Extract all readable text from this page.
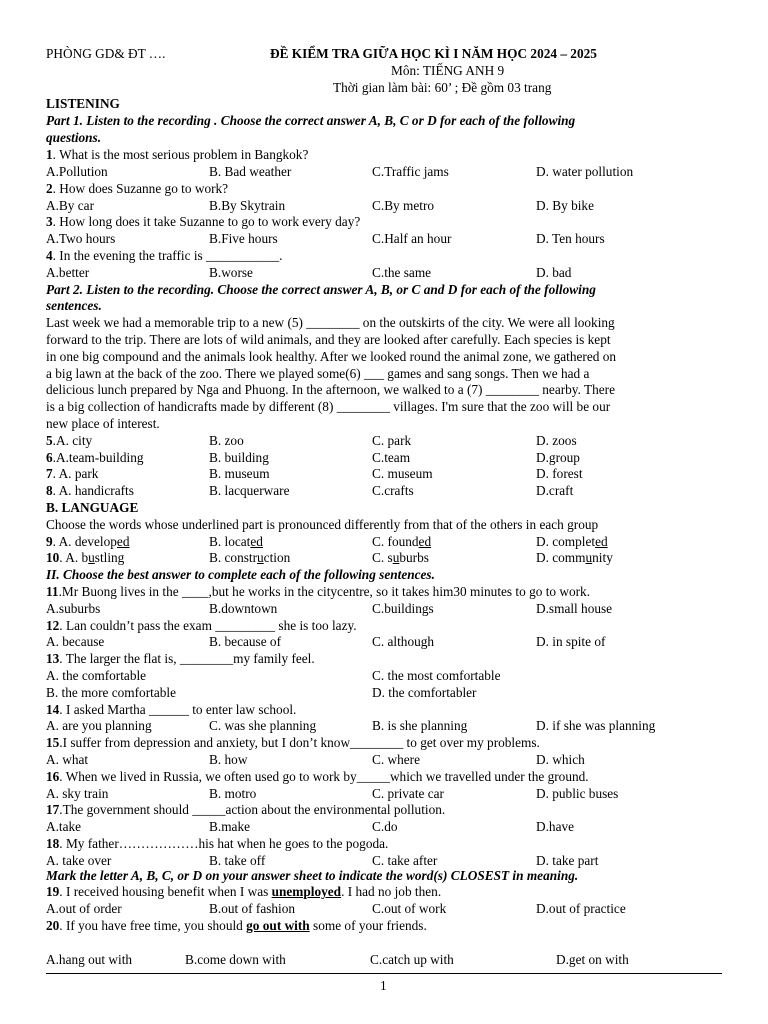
PHÒNG GD& ĐT ….	ĐỀ KIỂM TRA GIỮA HỌC KÌ I NĂM HỌC 2024 – 2025
Môn: TIẾNG ANH 9
Thời gian làm bài: 60’ ; Đề gồm 03 trang
LISTENING
Part 1. Listen to the recording . Choose the correct answer A, B, C or D for each of the following
questions.
1. What is the most serious problem in Bangkok?
A.Pollution	B. Bad weather	C.Traffic jams	D. water pollution
2. How does Suzanne go to work?
A.By car	B.By Skytrain	C.By metro	D. By bike
3. How long does it take Suzanne to go to work every day?
A.Two hours	B.Five hours	C.Half an hour	D. Ten hours
4. In the evening the traffic is ___________.
A.better	B.worse	C.the same	D. bad
Part 2. Listen to the recording. Choose the correct answer A, B, or C and D for each of the following
sentences.
Last week we had a memorable trip to a new (5) ________ on the outskirts of the city. We were all looking
forward to the trip. There are lots of wild animals, and they are looked after carefully. Each species is kept
in one big compound and the animals look healthy. After we looked round the animal zone, we gathered on
a big lawn at the back of the zoo. There we played some(6) ___ games and sang songs. Then we had a
delicious lunch prepared by Nga and Phuong. In the afternoon, we walked to a (7) ________ nearby. There
is a big collection of handicrafts made by different (8) ________ villages. I'm sure that the zoo will be our
new place of interest.
5.A. city	B. zoo	C. park	D. zoos
6.A.team-building	B. building	C.team	D.group
7. A. park	B. museum	C. museum	D. forest
8. A. handicrafts	B. lacquerware	C.crafts	D.craft
B. LANGUAGE
Choose the words whose underlined part is pronounced differently from that of the others in each group
9. A. developed	B. located	C. founded	D. completed
10. A. bustling	B. construction	C. suburbs	D. community
II. Choose the best answer to complete each of the following sentences.
11.Mr Buong lives in the ____,but he works in the citycentre, so it takes him30 minutes to go to work.
A.suburbs	B.downtown	C.buildings	D.small house
12. Lan couldn’t pass the exam _________ she is too lazy.
A. because	B. because of	C. although	D. in spite of
13. The larger the flat is, ________my family feel.
A. the comfortable	C. the most comfortable
B. the more comfortable	D. the comfortabler
14. I asked Martha ______ to enter law school.
A. are you planning	C. was she planning	B. is she planning	D. if she was planning
15.I suffer from depression and anxiety, but I don’t know________ to get over my problems.
A. what	B. how	C. where	D. which
16. When we lived in Russia, we often used go to work by_____which we travelled under the ground.
A. sky train	B. motro	C. private car	D. public buses
17.The government should _____action about the environmental pollution.
A.take	B.make	C.do	D.have
18. My father………………his hat when he goes to the pogoda.
A. take over	B. take off	C. take after	D. take part
Mark the letter A, B, C, or D on your answer sheet to indicate the word(s) CLOSEST in meaning.
19. I received housing benefit when I was unemployed. I had no job then.
A.out of order	B.out of fashion	C.out of work	D.out of practice
20. If you have free time, you should go out with some of your friends.
A.hang out with	B.come down with	C.catch up with	D.get on with
1
